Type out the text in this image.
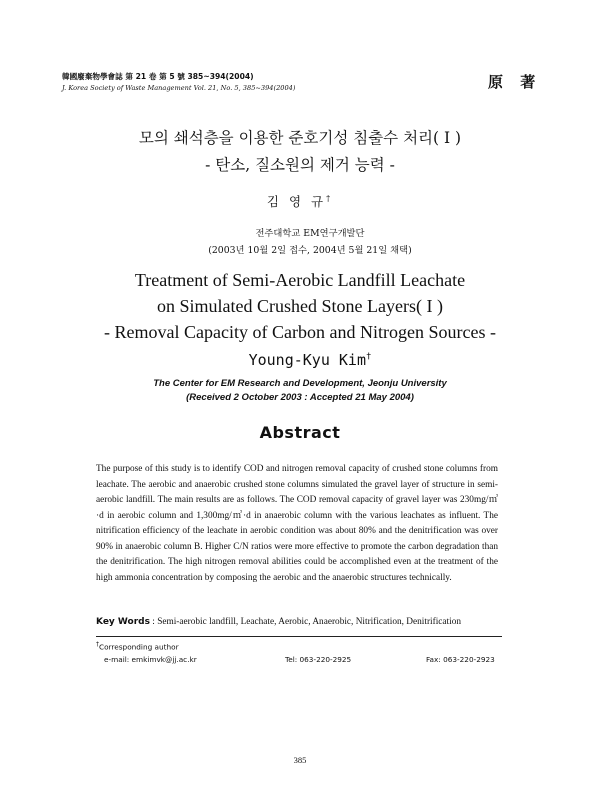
韓國廢棄物學會誌 第 21 卷 第 5 號 385~394(2004)
J. Korea Society of Waste Management Vol. 21, No. 5, 385~394(2004)	原 著
모의 쇄석층을 이용한 준호기성 침출수 처리( I )
- 탄소, 질소원의 제거 능력 -
김 영 규†
전주대학교 EM연구개발단
(2003년 10월 2일 접수, 2004년 5월 21일 채택)
Treatment of Semi-Aerobic Landfill Leachate
on Simulated Crushed Stone Layers( I )
- Removal Capacity of Carbon and Nitrogen Sources -
Young-Kyu Kim†
The Center for EM Research and Development, Jeonju University
(Received 2 October 2003 : Accepted 21 May 2004)
Abstract
The purpose of this study is to identify COD and nitrogen removal capacity of crushed stone columns from leachate. The aerobic and anaerobic crushed stone columns simulated the gravel layer of structure in semi-aerobic landfill. The main results are as follows. The COD removal capacity of gravel layer was 230mg/㎥·d in aerobic column and 1,300mg/㎥·d in anaerobic column with the various leachates as influent. The nitrification efficiency of the leachate in aerobic condition was about 80% and the denitrification was over 90% in anaerobic column B. Higher C/N ratios were more effective to promote the carbon degradation than the denitrification. The high nitrogen removal abilities could be accomplished even at the treatment of the high ammonia concentration by composing the aerobic and the anaerobic structures technically.
Key Words : Semi-aerobic landfill, Leachate, Aerobic, Anaerobic, Nitrification, Denitrification
†Corresponding author
e-mail: emkimvk@jj.ac.kr	Tel: 063-220-2925	Fax: 063-220-2923
385
